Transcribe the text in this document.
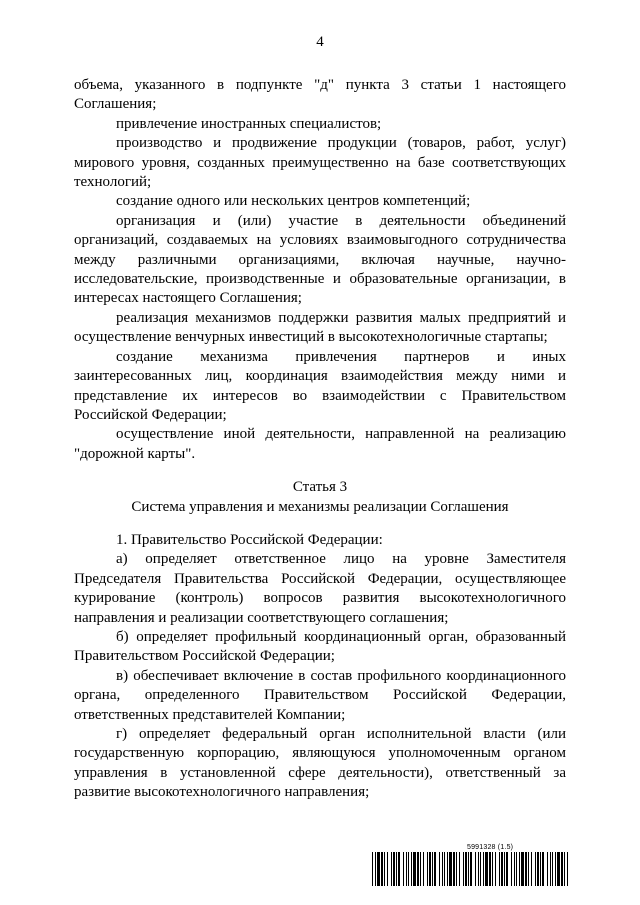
4

объема, указанного в подпункте "д" пункта 3 статьи 1 настоящего Соглашения;

привлечение иностранных специалистов;

производство и продвижение продукции (товаров, работ, услуг) мирового уровня, созданных преимущественно на базе соответствующих технологий;

создание одного или нескольких центров компетенций;

организация и (или) участие в деятельности объединений организаций, создаваемых на условиях взаимовыгодного сотрудничества между различными организациями, включая научные, научно-исследовательские, производственные и образовательные организации, в интересах настоящего Соглашения;

реализация механизмов поддержки развития малых предприятий и осуществление венчурных инвестиций в высокотехнологичные стартапы;

создание механизма привлечения партнеров и иных заинтересованных лиц, координация взаимодействия между ними и представление их интересов во взаимодействии с Правительством Российской Федерации;

осуществление иной деятельности, направленной на реализацию "дорожной карты".

Статья 3

Система управления и механизмы реализации Соглашения

1. Правительство Российской Федерации:

а) определяет ответственное лицо на уровне Заместителя Председателя Правительства Российской Федерации, осуществляющее курирование (контроль) вопросов развития высокотехнологичного направления и реализации соответствующего соглашения;

б) определяет профильный координационный орган, образованный Правительством Российской Федерации;

в) обеспечивает включение в состав профильного координационного органа, определенного Правительством Российской Федерации, ответственных представителей Компании;

г) определяет федеральный орган исполнительной власти (или государственную корпорацию, являющуюся уполномоченным органом управления в установленной сфере деятельности), ответственный за развитие высокотехнологичного направления;

5991328 (1.5)
